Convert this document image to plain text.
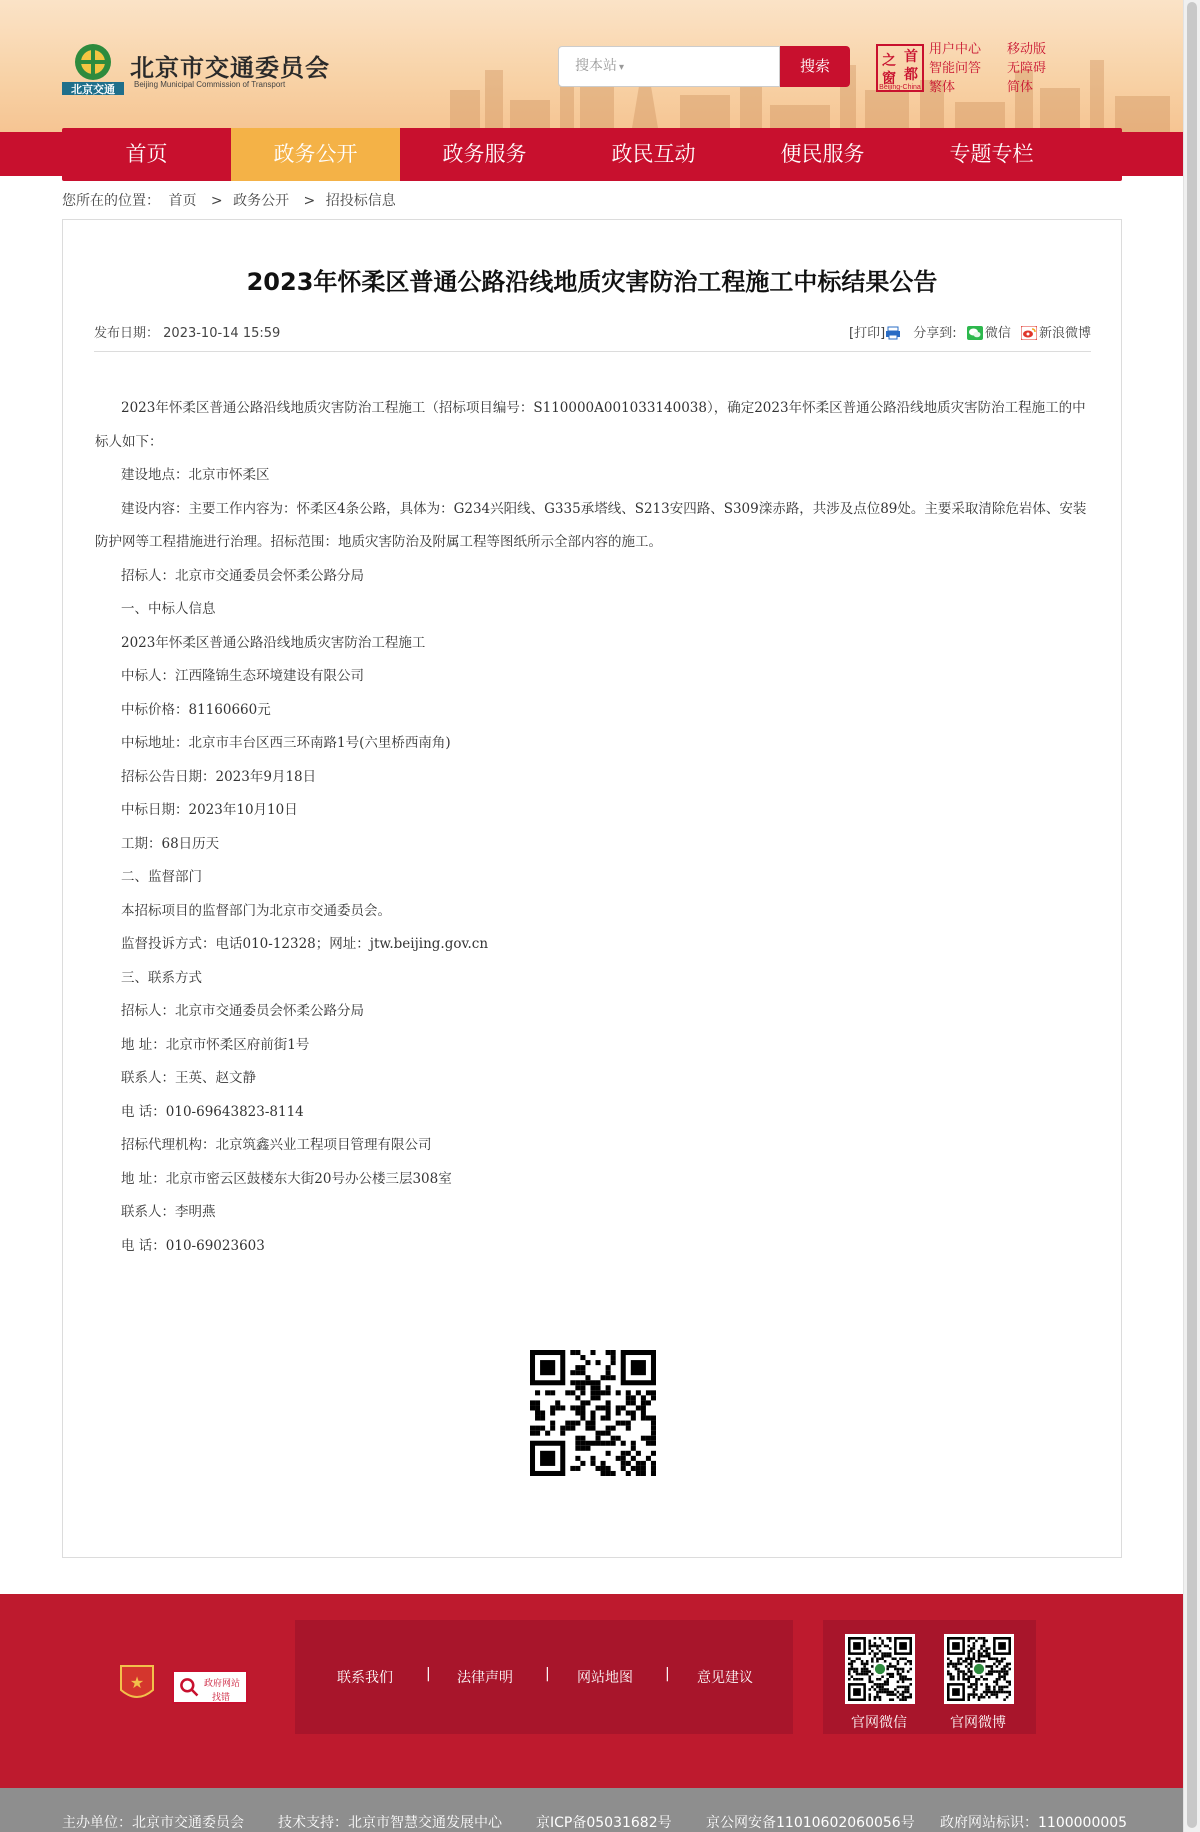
北京交通
北京市交通委员会
Beijing Municipal Commission of Transport
搜本站 ▾	搜索	首
都
之
窗
Beijing-China
用户中心 移动版
智能问答 无障碍
繁体	简体
首页	政务公开	政务服务	政民互动	便民服务	专题专栏
您所在的位置： 首页 > 政务公开 > 招投标信息
2023年怀柔区普通公路沿线地质灾害防治工程施工中标结果公告
发布日期： 2023-10-14 15:59	[打印] 分享到: 微信 新浪微博

2023年怀柔区普通公路沿线地质灾害防治工程施工（招标项目编号：S110000A001033140038），确定2023年怀柔区普通公路沿线地质灾害防治工程施工的中标人如下：

建设地点：北京市怀柔区

建设内容：主要工作内容为：怀柔区4条公路，具体为：G234兴阳线、G335承塔线、S213安四路、S309滦赤路，共涉及点位89处。主要采取清除危岩体、安装防护网等工程措施进行治理。招标范围：地质灾害防治及附属工程等图纸所示全部内容的施工。

招标人：北京市交通委员会怀柔公路分局

一、中标人信息

2023年怀柔区普通公路沿线地质灾害防治工程施工

中标人：江西隆锦生态环境建设有限公司

中标价格：81160660元

中标地址：北京市丰台区西三环南路1号(六里桥西南角)

招标公告日期：2023年9月18日

中标日期：2023年10月10日

工期：68日历天

二、监督部门

本招标项目的监督部门为北京市交通委员会。

监督投诉方式：电话010-12328；网址：jtw.beijing.gov.cn

三、联系方式

招标人：北京市交通委员会怀柔公路分局

地 址：北京市怀柔区府前街1号

联系人：王英、赵文静

电 话：010-69643823-8114

招标代理机构：北京筑鑫兴业工程项目管理有限公司

地 址：北京市密云区鼓楼东大街20号办公楼三层308室

联系人：李明燕

电 话：010-69023603

★	政府网站
找错
联系我们 | 法律声明 | 网站地图 | 意见建议
官网微信	官网微博
主办单位：北京市交通委员会 技术支持：北京市智慧交通发展中心 京ICP备05031682号 京公网安备11010602060056号 政府网站标识：1100000005
